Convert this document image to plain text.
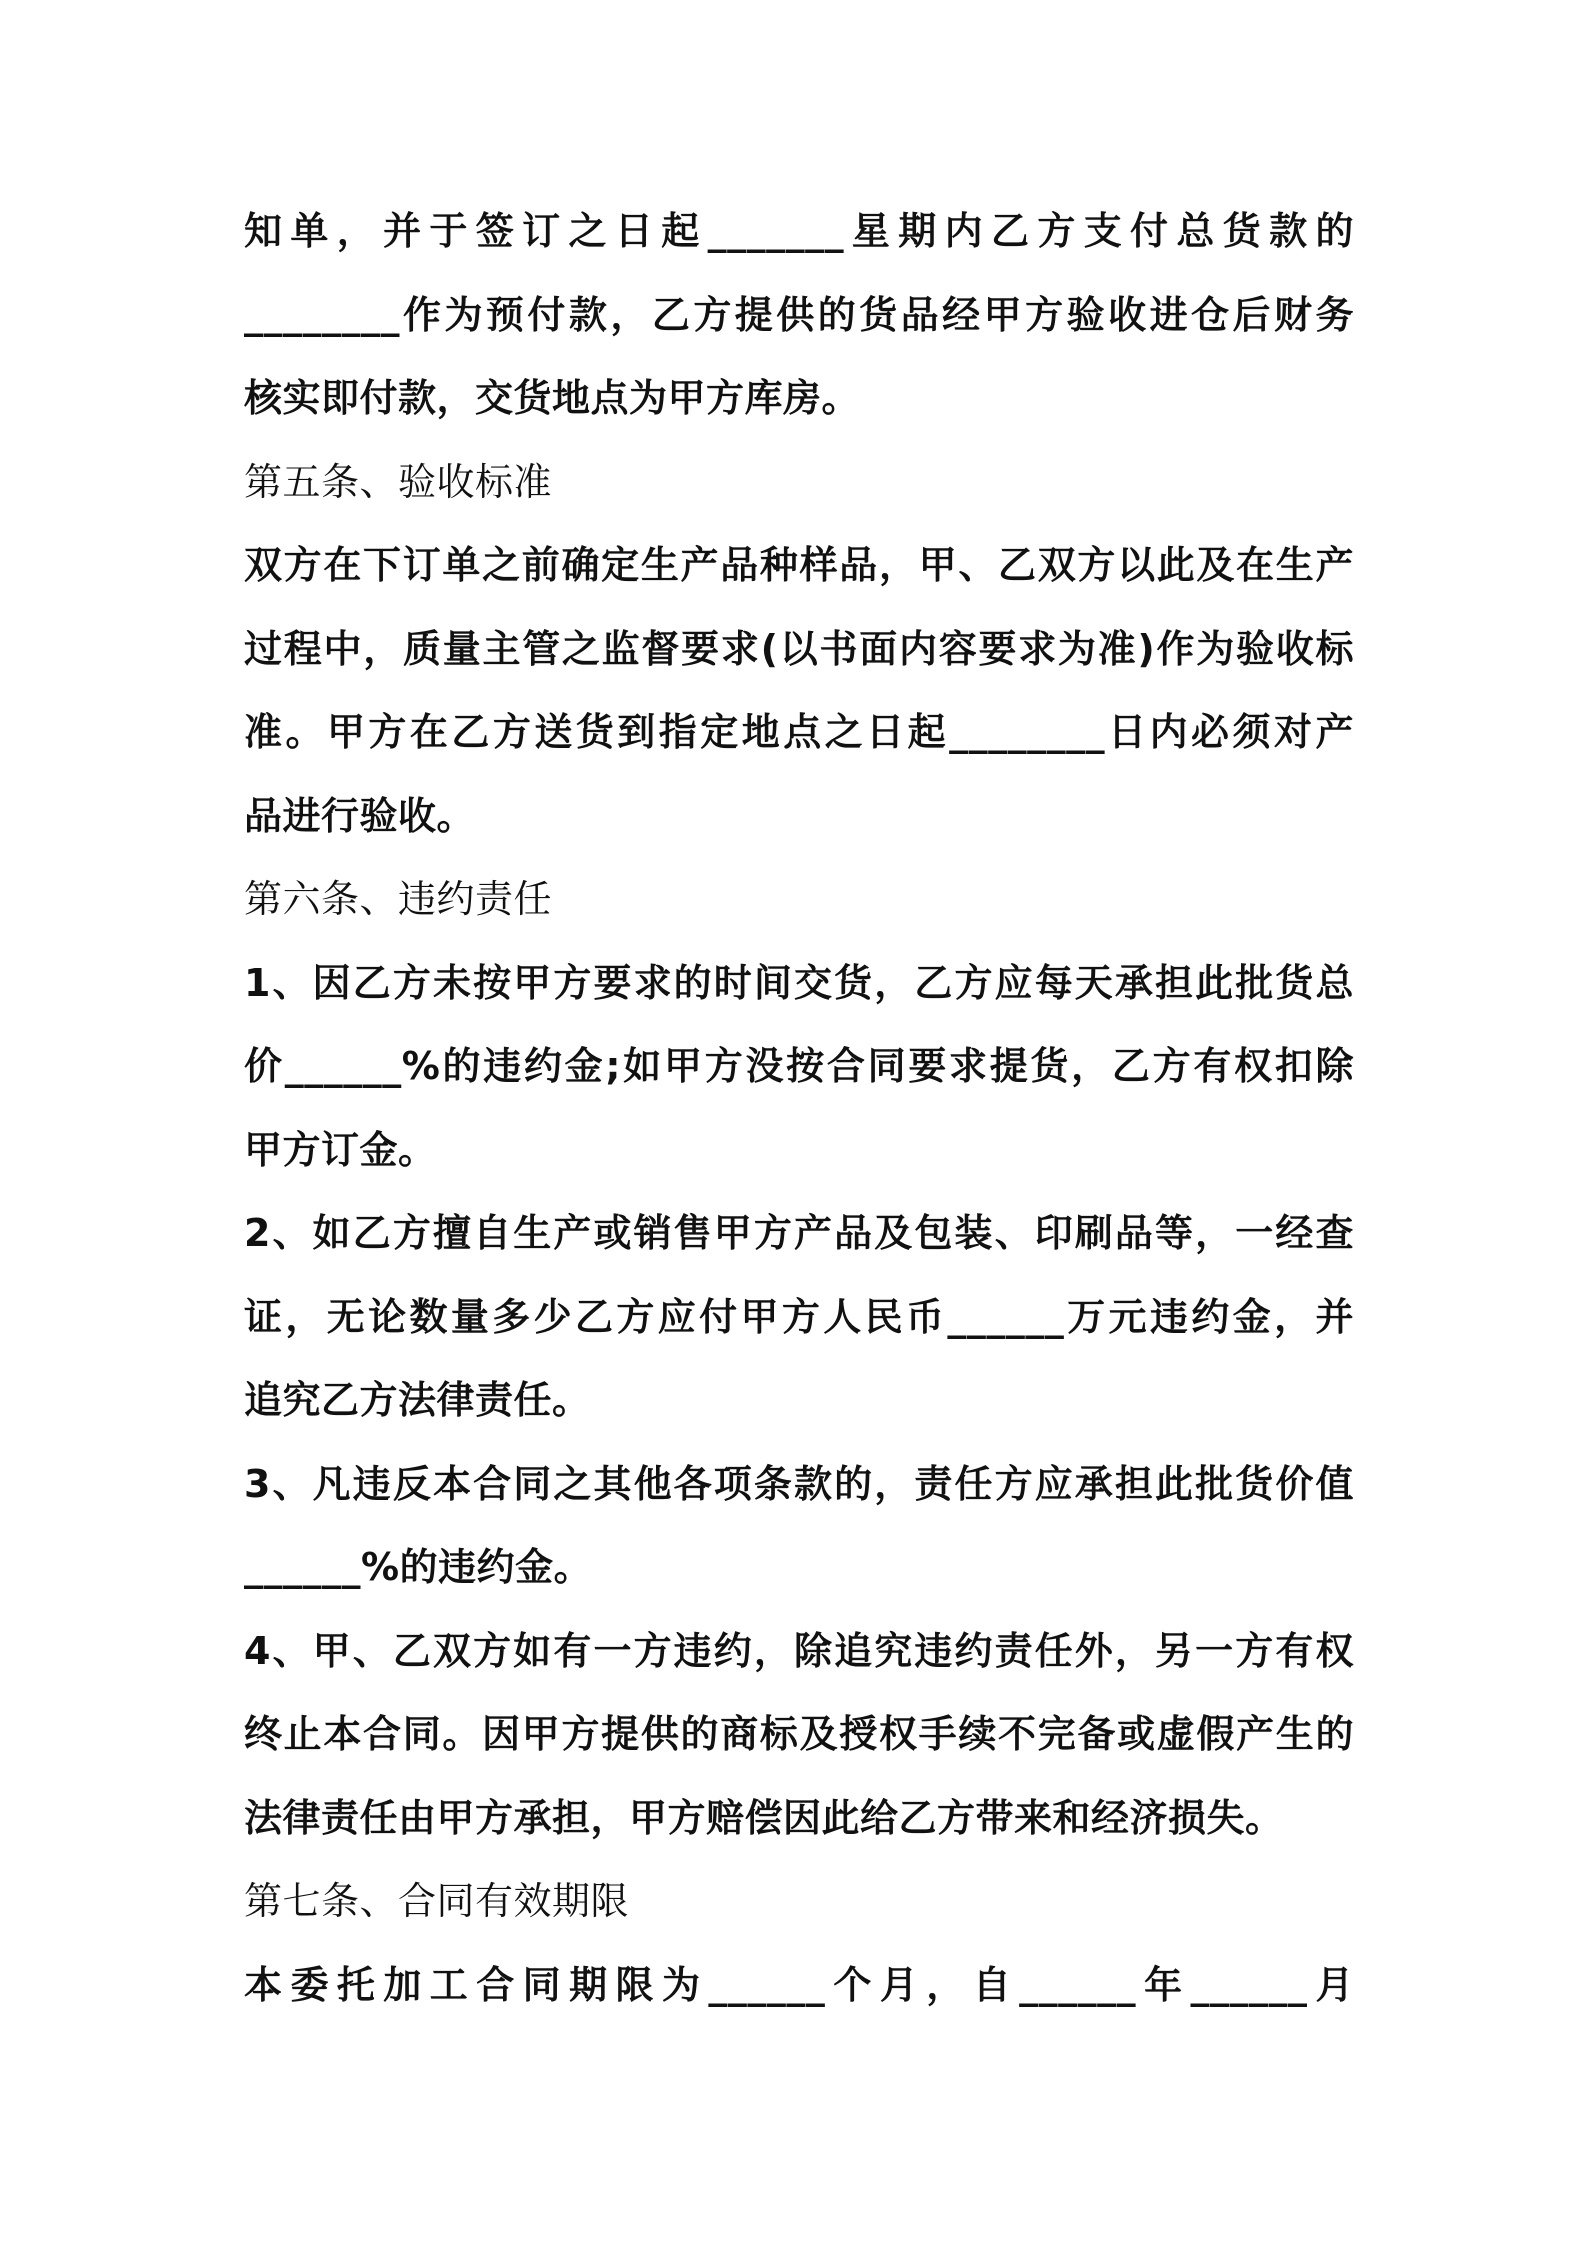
知单，并于签订之日起_______星期内乙方支付总货款的
________作为预付款，乙方提供的货品经甲方验收进仓后财务
核实即付款，交货地点为甲方库房。
第五条、验收标准
双方在下订单之前确定生产品种样品，甲、乙双方以此及在生产
过程中，质量主管之监督要求(以书面内容要求为准)作为验收标
准。甲方在乙方送货到指定地点之日起________日内必须对产
品进行验收。
第六条、违约责任
1、因乙方未按甲方要求的时间交货，乙方应每天承担此批货总
价______%的违约金;如甲方没按合同要求提货，乙方有权扣除
甲方订金。
2、如乙方擅自生产或销售甲方产品及包装、印刷品等，一经查
证，无论数量多少乙方应付甲方人民币______万元违约金，并
追究乙方法律责任。
3、凡违反本合同之其他各项条款的，责任方应承担此批货价值
______%的违约金。
4、甲、乙双方如有一方违约，除追究违约责任外，另一方有权
终止本合同。因甲方提供的商标及授权手续不完备或虚假产生的
法律责任由甲方承担，甲方赔偿因此给乙方带来和经济损失。
第七条、合同有效期限
本委托加工合同期限为______个月，自______年______月
